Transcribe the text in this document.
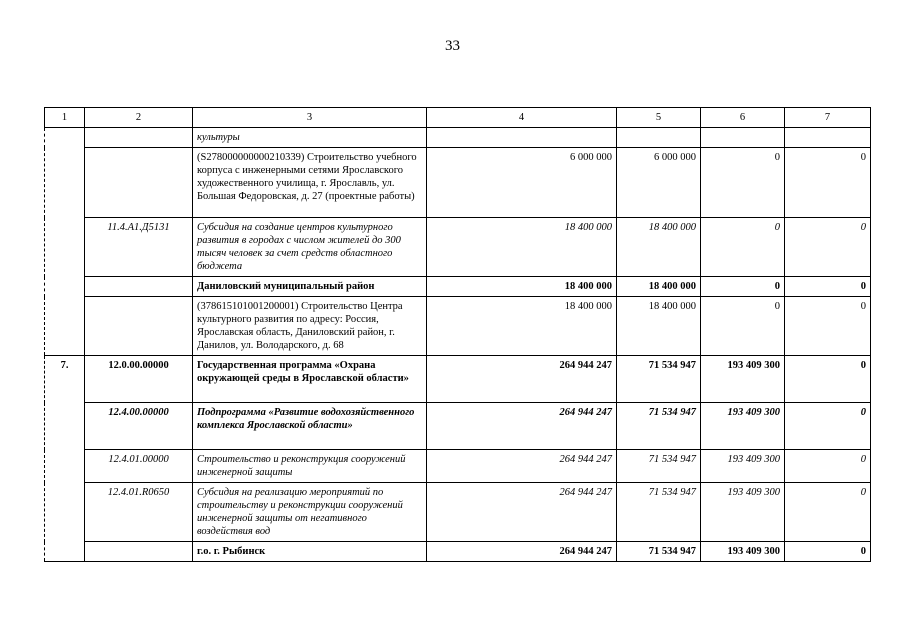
33
1	2	3	4	5	6	7
		культуры				
		(S278000000000210339) Строительство учебного корпуса с инженерными сетями Ярославского художественного училища, г. Ярославль, ул. Большая Федоровская, д. 27 (проектные работы)	6 000 000	6 000 000	0	0
	11.4.А1.Д5131	Субсидия на создание центров культурного развития в городах с числом жителей до 300 тысяч человек за счет средств областного бюджета	18 400 000	18 400 000	0	0
		Даниловский муниципальный район	18 400 000	18 400 000	0	0
		(378615101001200001) Строительство Центра культурного развития по адресу: Россия, Ярославская область, Даниловский район, г. Данилов, ул. Володарского, д. 68	18 400 000	18 400 000	0	0
7.	12.0.00.00000	Государственная программа «Охрана окружающей среды в Ярославской области»	264 944 247	71 534 947	193 409 300	0
	12.4.00.00000	Подпрограмма «Развитие водохозяйственного комплекса Ярославской области»	264 944 247	71 534 947	193 409 300	0
	12.4.01.00000	Строительство и реконструкция сооружений инженерной защиты	264 944 247	71 534 947	193 409 300	0
	12.4.01.R0650	Субсидия на реализацию мероприятий по строительству и реконструкции сооружений инженерной защиты от негативного воздействия вод	264 944 247	71 534 947	193 409 300	0
		г.о. г. Рыбинск	264 944 247	71 534 947	193 409 300	0
